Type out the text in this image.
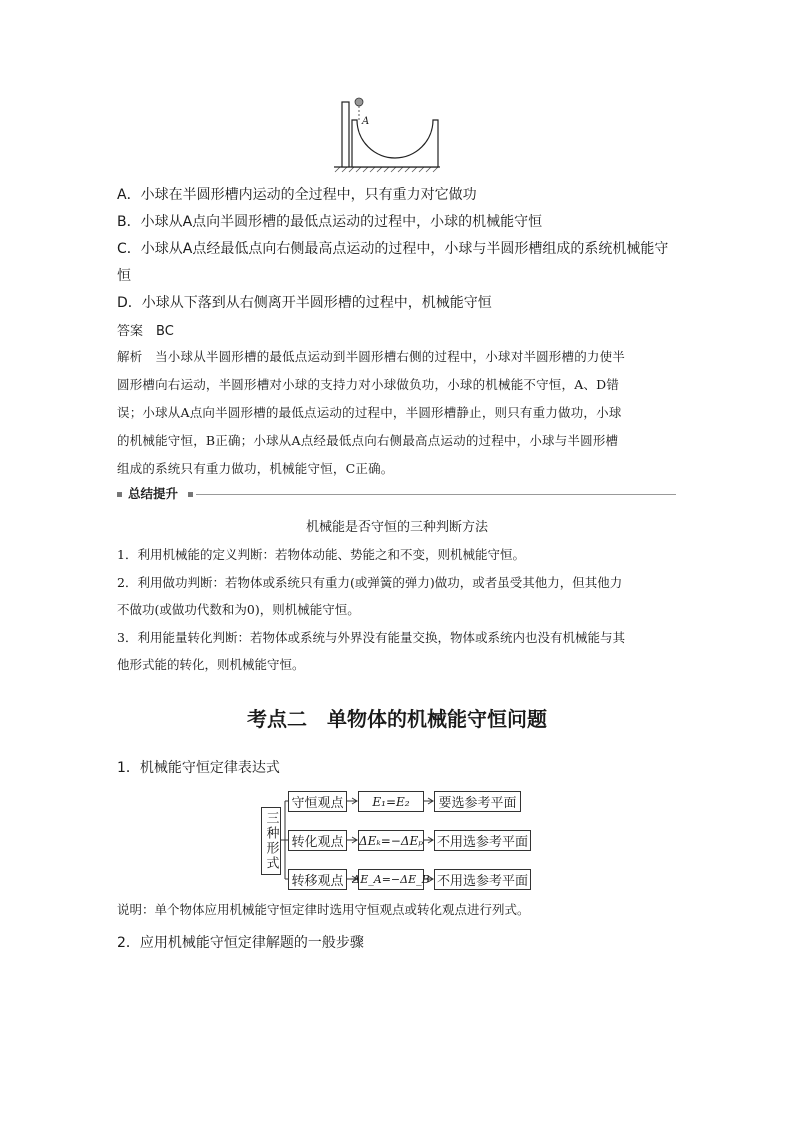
A
A．小球在半圆形槽内运动的全过程中，只有重力对它做功
B．小球从A点向半圆形槽的最低点运动的过程中，小球的机械能守恒
C．小球从A点经最低点向右侧最高点运动的过程中，小球与半圆形槽组成的系统机械能守
恒
D．小球从下落到从右侧离开半圆形槽的过程中，机械能守恒
答案　BC
解析　当小球从半圆形槽的最低点运动到半圆形槽右侧的过程中，小球对半圆形槽的力使半
圆形槽向右运动，半圆形槽对小球的支持力对小球做负功，小球的机械能不守恒，A、D错
误；小球从A点向半圆形槽的最低点运动的过程中，半圆形槽静止，则只有重力做功，小球
的机械能守恒，B正确；小球从A点经最低点向右侧最高点运动的过程中，小球与半圆形槽
组成的系统只有重力做功，机械能守恒，C正确。
总结提升
机械能是否守恒的三种判断方法
1．利用机械能的定义判断：若物体动能、势能之和不变，则机械能守恒。
2．利用做功判断：若物体或系统只有重力(或弹簧的弹力)做功，或者虽受其他力，但其他力
不做功(或做功代数和为0)，则机械能守恒。
3．利用能量转化判断：若物体或系统与外界没有能量交换，物体或系统内也没有机械能与其
他形式能的转化，则机械能守恒。
考点二　单物体的机械能守恒问题
1．机械能守恒定律表达式
三种形式
守恒观点	E₁=E₂	要选参考平面
转化观点 ΔEₖ=−ΔEₚ 不用选参考平面
转移观点 ΔE_A=−ΔE_B 不用选参考平面
说明：单个物体应用机械能守恒定律时选用守恒观点或转化观点进行列式。
2．应用机械能守恒定律解题的一般步骤
